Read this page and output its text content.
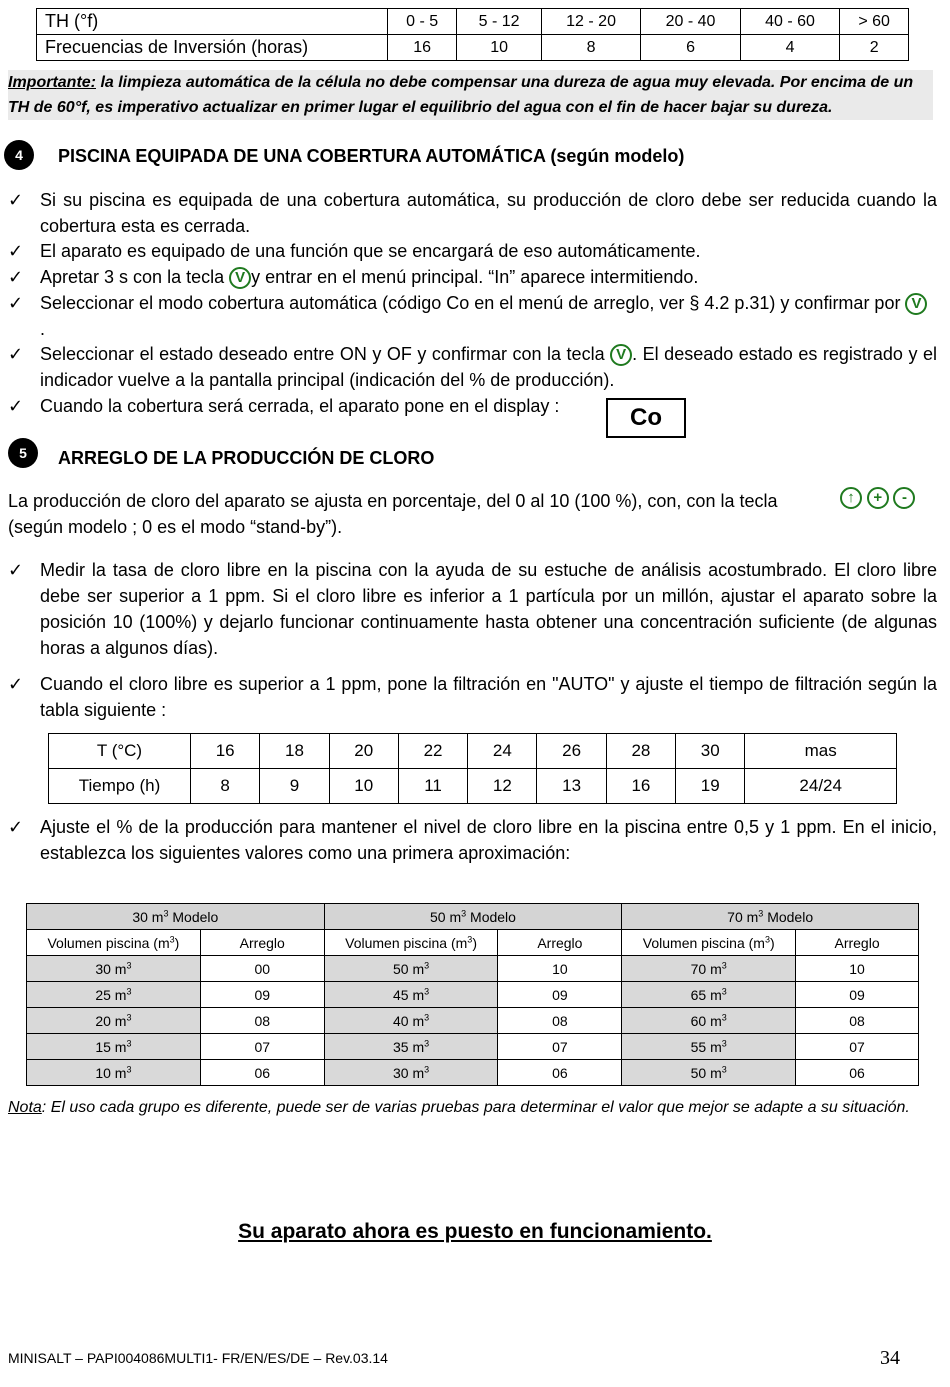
TH (°f)	0 - 5	5 - 12	12 - 20	20 - 40	40 - 60	> 60
Frecuencias de Inversión (horas)	16	10	8	6	4	2
Importante: la limpieza automática de la célula no debe compensar una dureza de agua muy elevada. Por encima de un TH de 60°f, es imperativo actualizar en primer lugar el equilibrio del agua con el fin de hacer bajar su dureza.
4	PISCINA EQUIPADA DE UNA COBERTURA AUTOMÁTICA (según modelo)
✓ Si su piscina es equipada de una cobertura automática, su producción de cloro debe ser reducida cuando la cobertura esta es cerrada.
✓ El aparato es equipado de una función que se encargará de eso automáticamente.
✓ Apretar 3 s con la tecla V y entrar en el menú principal. “In” aparece intermitiendo.
✓ Seleccionar el modo cobertura automática (código Co en el menú de arreglo, ver § 4.2 p.31) y confirmar por V .
✓ Seleccionar el estado deseado entre ON y OF y confirmar con la tecla V . El deseado estado es registrado y el indicador vuelve a la pantalla principal (indicación del % de producción).
✓ Cuando la cobertura será cerrada, el aparato pone en el display :	Co
5	ARREGLO DE LA PRODUCCIÓN DE CLORO
La producción de cloro del aparato se ajusta en porcentaje, del 0 al 10 (100 %), con, con la tecla	↑ + -
(según modelo ; 0 es el modo “stand-by”).
✓ Medir la tasa de cloro libre en la piscina con la ayuda de su estuche de análisis acostumbrado. El cloro libre debe ser superior a 1 ppm. Si el cloro libre es inferior a 1 partícula por un millón, ajustar el aparato sobre la posición 10 (100%) y dejarlo funcionar continuamente hasta obtener una concentración suficiente (de algunas horas a algunos días).
✓ Cuando el cloro libre es superior a 1 ppm, pone la filtración en "AUTO" y ajuste el tiempo de filtración según la tabla siguiente :
T (°C)	16	18	20	22	24	26	28	30	mas
Tiempo (h)	8	9	10	11	12	13	16	19	24/24
✓ Ajuste el % de la producción para mantener el nivel de cloro libre en la piscina entre 0,5 y 1 ppm. En el inicio, establezca los siguientes valores como una primera aproximación:
30 $m^3$ Modelo		50 $m^3$ Modelo		70 $m^3$ Modelo	
Volumen piscina $(m^3)$	Arreglo	Volumen piscina $(m^3)$	Arreglo	Volumen piscina $(m^3)$	Arreglo
30 $m^3$	00	50 $m^3$	10	70 $m^3$	10
25 $m^3$	09	45 $m^3$	09	65 $m^3$	09
20 $m^3$	08	40 $m^3$	08	60 $m^3$	08
15 $m^3$	07	35 $m^3$	07	55 $m^3$	07
10 $m^3$	06	30 $m^3$	06	50 $m^3$	06
Nota: El uso cada grupo es diferente, puede ser de varias pruebas para determinar el valor que mejor se adapte a su situación.
Su aparato ahora es puesto en funcionamiento.
MINISALT – PAPI004086MULTI1- FR/EN/ES/DE – Rev.03.14	34
